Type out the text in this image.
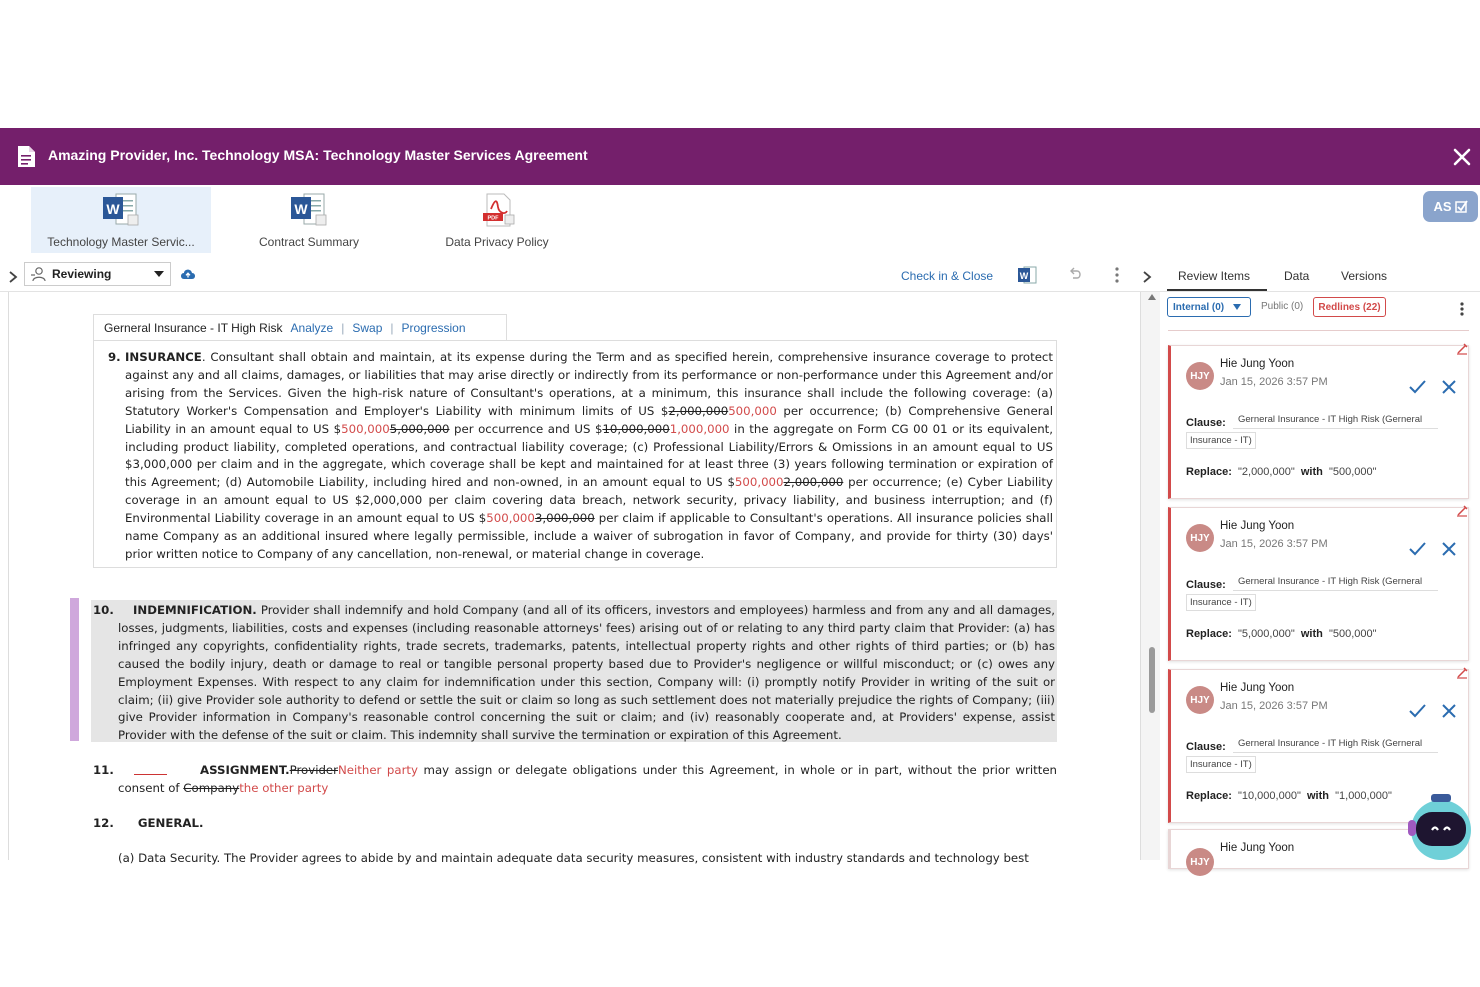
Amazing Provider, Inc. Technology MSA: Technology Master Services Agreement
W
Technology Master Servic...
W
Contract Summary
PDF
Data Privacy Policy
AS
Reviewing	Check in & Close	W	Review Items	Data	Versions
Gerneral Insurance - IT High Risk Analyze | Swap | Progression
9. INSURANCE. Consultant shall obtain and maintain, at its expense during the Term and as specified herein, comprehensive insurance coverage to protect against any and all claims, damages, or liabilities that may arise directly or indirectly from its performance or non-performance under this Agreement and/or arising from the Services. Given the high-risk nature of Consultant's operations, at a minimum, this insurance shall include the following coverage: (a) Statutory Worker's Compensation and Employer's Liability with minimum limits of US $2,000,000500,000 per occurrence; (b) Comprehensive General Liability in an amount equal to US $500,0005,000,000 per occurrence and US $10,000,0001,000,000 in the aggregate on Form CG 00 01 or its equivalent, including product liability, completed operations, and contractual liability coverage; (c) Professional Liability/Errors & Omissions in an amount equal to US $3,000,000 per claim and in the aggregate, which coverage shall be kept and maintained for at least three (3) years following termination or expiration of this Agreement; (d) Automobile Liability, including hired and non-owned, in an amount equal to US $500,0002,000,000 per occurrence; (e) Cyber Liability coverage in an amount equal to US $2,000,000 per claim covering data breach, network security, privacy liability, and business interruption; and (f) Environmental Liability coverage in an amount equal to US $500,0003,000,000 per claim if applicable to Consultant's operations. All insurance policies shall name Company as an additional insured where legally permissible, include a waiver of subrogation in favor of Company, and provide for thirty (30) days' prior written notice to Company of any cancellation, non-renewal, or material change in coverage.
10.	INDEMNIFICATION. Provider shall indemnify and hold Company (and all of its officers, investors and employees) harmless and from any and all damages, losses, judgments, liabilities, costs and expenses (including reasonable attorneys' fees) arising out of or relating to any third party claim that Provider: (a) has infringed any copyrights, confidentiality rights, trade secrets, trademarks, patents, intellectual property rights and other rights of third parties; or (b) has caused the bodily injury, death or damage to real or tangible personal property based due to Provider's negligence or willful misconduct; or (c) owes any Employment Expenses. With respect to any claim for indemnification under this section, Company will: (i) promptly notify Provider in writing of the suit or claim; (ii) give Provider sole authority to defend or settle the suit or claim so long as such settlement does not materially prejudice the rights of Company; (iii) give Provider information in Company's reasonable control concerning the suit or claim; and (iv) reasonably cooperate and, at Providers' expense, assist Provider with the defense of the suit or claim. This indemnity shall survive the termination or expiration of this Agreement.
11.	ASSIGNMENT.ProviderNeither party may assign or delegate obligations under this Agreement, in whole or in part, without the prior written consent of Companythe other party
12. GENERAL.
(a) Data Security. The Provider agrees to abide by and maintain adequate data security measures, consistent with industry standards and technology best
Internal (0)	Public (0)	Redlines (22)
HJY
Hie Jung Yoon
Jan 15, 2026 3:57 PM
Clause:	Gerneral Insurance - IT High Risk (Gerneral
Insurance - IT)
Replace: "2,000,000" with "500,000"
HJY
Hie Jung Yoon
Jan 15, 2026 3:57 PM
Clause:	Gerneral Insurance - IT High Risk (Gerneral
Insurance - IT)
Replace: "5,000,000" with "500,000"
HJY
Hie Jung Yoon
Jan 15, 2026 3:57 PM
Clause:	Gerneral Insurance - IT High Risk (Gerneral
Insurance - IT)
Replace: "10,000,000" with "1,000,000"
HJY
Hie Jung Yoon
